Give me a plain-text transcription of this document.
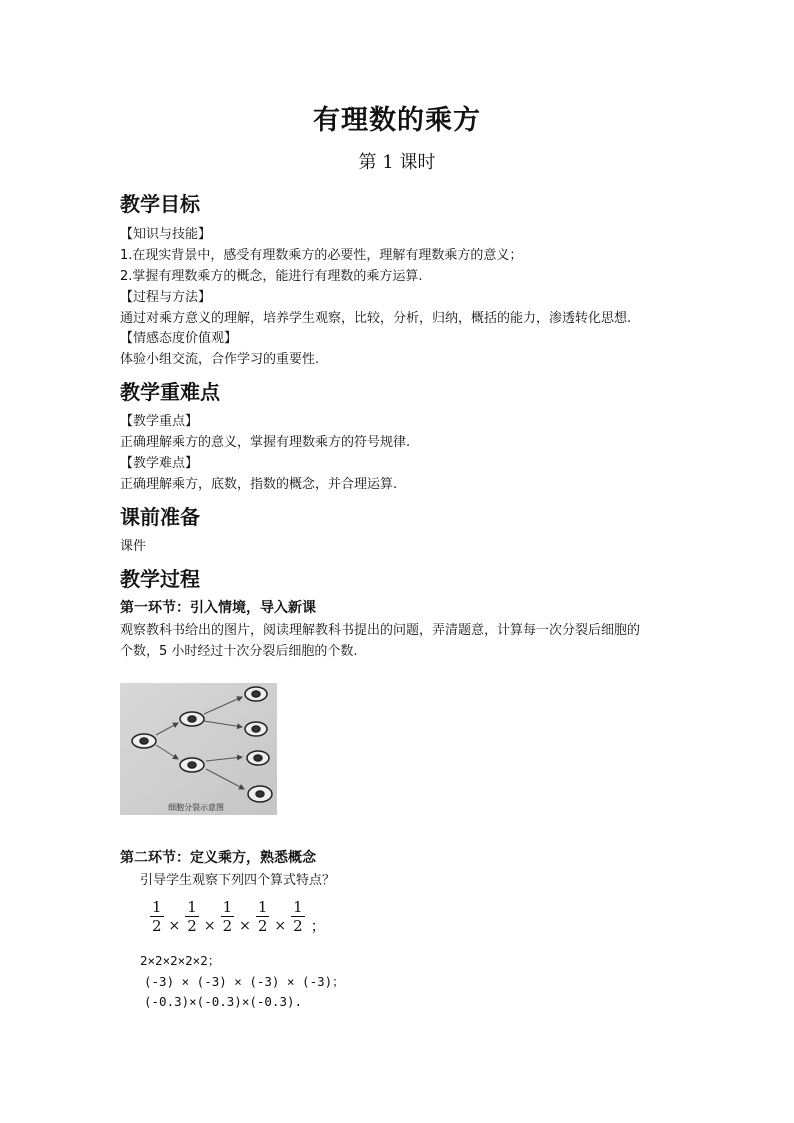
有理数的乘方
第 1 课时
教学目标
【知识与技能】
1.在现实背景中，感受有理数乘方的必要性，理解有理数乘方的意义；
2.掌握有理数乘方的概念，能进行有理数的乘方运算.
【过程与方法】
通过对乘方意义的理解，培养学生观察，比较，分析，归纳，概括的能力，渗透转化思想.
【情感态度价值观】
体验小组交流，合作学习的重要性.
教学重难点
【教学重点】
正确理解乘方的意义，掌握有理数乘方的符号规律.
【教学难点】
正确理解乘方，底数，指数的概念，并合理运算.
课前准备
课件
教学过程
第一环节：引入情境，导入新课
观察教科书给出的图片，阅读理解教科书提出的问题，弄清题意，计算每一次分裂后细胞的
个数，5 小时经过十次分裂后细胞的个数.
细胞分裂示意图
第二环节：定义乘方，熟悉概念
引导学生观察下列四个算式特点？
$\frac{1}{2} \times \frac{1}{2} \times \frac{1}{2} \times \frac{1}{2} \times \frac{1}{2}$ ；
2×2×2×2×2；
(-3) × (-3) × (-3) × (-3)；
(-0.3)×(-0.3)×(-0.3).
